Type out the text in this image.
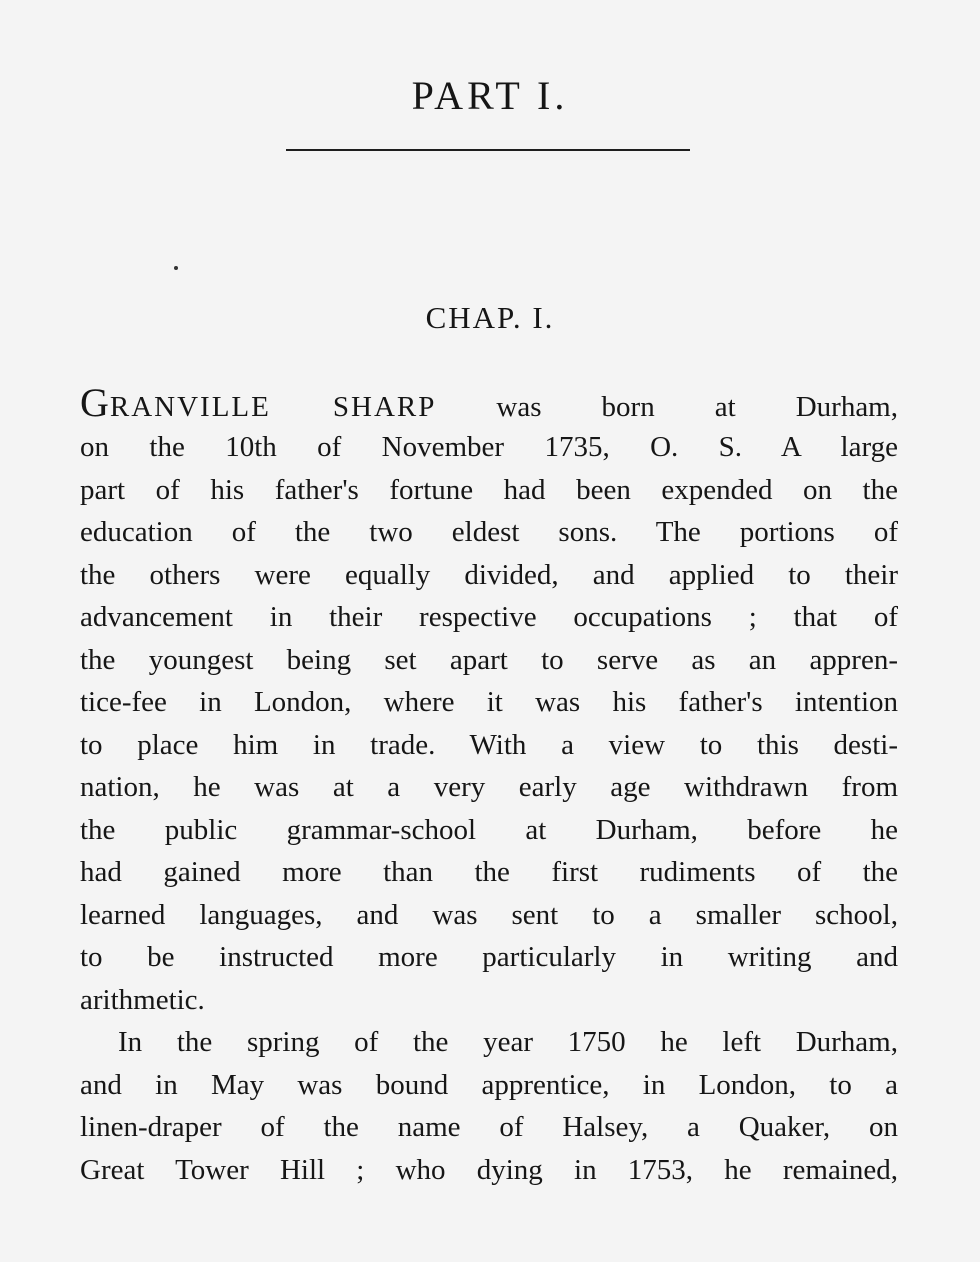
PART I.
CHAP. I.
GRANVILLE SHARP was born at Durham,
on the 10th of November 1735, O. S. A large
part of his father's fortune had been expended on the
education of the two eldest sons. The portions of
the others were equally divided, and applied to their
advancement in their respective occupations ; that of
the youngest being set apart to serve as an appren-
tice-fee in London, where it was his father's intention
to place him in trade. With a view to this desti-
nation, he was at a very early age withdrawn from
the public grammar-school at Durham, before he
had gained more than the first rudiments of the
learned languages, and was sent to a smaller school,
to be instructed more particularly in writing and
arithmetic.
In the spring of the year 1750 he left Durham,
and in May was bound apprentice, in London, to a
linen-draper of the name of Halsey, a Quaker, on
Great Tower Hill ; who dying in 1753, he remained,
